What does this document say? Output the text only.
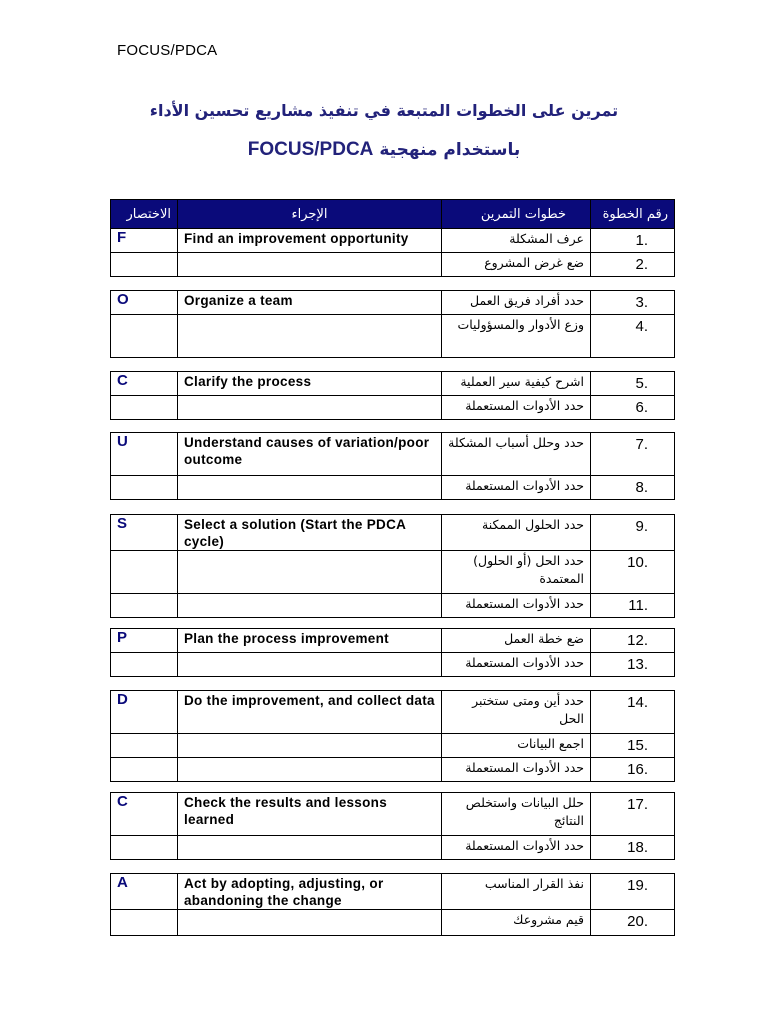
FOCUS/PDCA
تمرين على الخطوات المتبعة في تنفيذ مشاريع تحسين الأداء
باستخدام منهجية FOCUS/PDCA
الاختصار	الإجراء	خطوات التمرين	رقم الخطوة
F	Find an improvement opportunity	عرف المشكلة	1.
		ضع غرض المشروع	2.
O	Organize a team	حدد أفراد فريق العمل	3.
		وزع الأدوار والمسؤوليات	4.
C	Clarify the process	اشرح كيفية سير العملية	5.
		حدد الأدوات المستعملة	6.
U	Understand causes of variation/poor outcome	حدد وحلل أسباب المشكلة	7.
		حدد الأدوات المستعملة	8.
S	Select a solution (Start the PDCA cycle)	حدد الحلول الممكنة	9.
		حدد الحل (أو الحلول) المعتمدة	10.
		حدد الأدوات المستعملة	11.
P	Plan the process improvement	ضع خطة العمل	12.
		حدد الأدوات المستعملة	13.
D	Do the improvement, and collect data	حدد أين ومتى ستختبر الحل	14.
		اجمع البيانات	15.
		حدد الأدوات المستعملة	16.
C	Check the results and lessons learned	حلل البيانات واستخلص النتائج	17.
		حدد الأدوات المستعملة	18.
A	Act by adopting, adjusting, or abandoning the change	نفذ القرار المناسب	19.
		قيم مشروعك	20.
